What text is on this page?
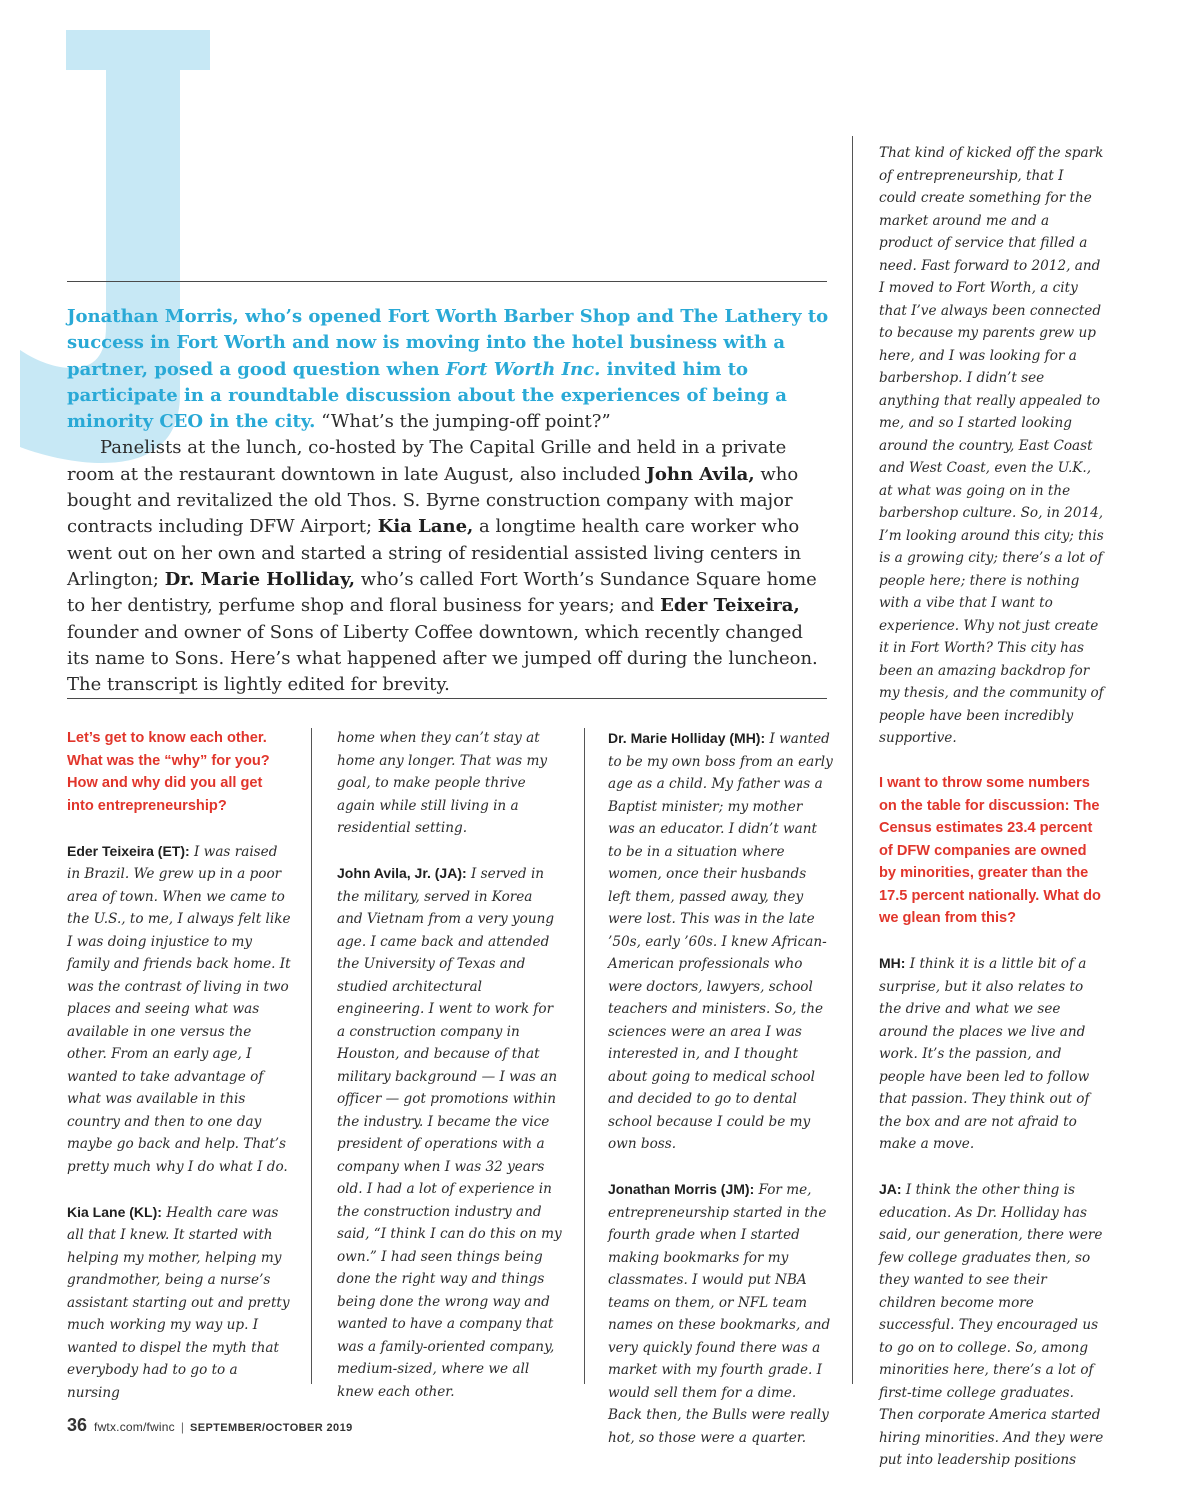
Jonathan Morris, who’s opened Fort Worth Barber Shop and The Lathery to success in Fort Worth and now is moving into the hotel business with a partner, posed a good question when Fort Worth Inc. invited him to participate in a roundtable discussion about the experiences of being a minority CEO in the city. “What’s the jumping-off point?”

Panelists at the lunch, co-hosted by The Capital Grille and held in a private room at the restaurant downtown in late August, also included John Avila, who bought and revitalized the old Thos. S. Byrne construction company with major contracts including DFW Airport; Kia Lane, a longtime health care worker who went out on her own and started a string of residential assisted living centers in Arlington; Dr. Marie Holliday, who’s called Fort Worth’s Sundance Square home to her dentistry, perfume shop and floral business for years; and Eder Teixeira, founder and owner of Sons of Liberty Coffee downtown, which recently changed its name to Sons. Here’s what happened after we jumped off during the luncheon. The transcript is lightly edited for brevity.

Let’s get to know each other. What was the “why” for you? How and why did you all get into entrepreneurship?

Eder Teixeira (ET): I was raised in Brazil. We grew up in a poor area of town. When we came to the U.S., to me, I always felt like I was doing injustice to my family and friends back home. It was the contrast of living in two places and seeing what was available in one versus the other. From an early age, I wanted to take advantage of what was available in this country and then to one day maybe go back and help. That’s pretty much why I do what I do.

Kia Lane (KL): Health care was all that I knew. It started with helping my mother, helping my grandmother, being a nurse’s assistant starting out and pretty much working my way up. I wanted to dispel the myth that everybody had to go to a nursing

home when they can’t stay at home any longer. That was my goal, to make people thrive again while still living in a residential setting.

John Avila, Jr. (JA): I served in the military, served in Korea and Vietnam from a very young age. I came back and attended the University of Texas and studied architectural engineering. I went to work for a construction company in Houston, and because of that military background — I was an officer — got promotions within the industry. I became the vice president of operations with a company when I was 32 years old. I had a lot of experience in the construction industry and said, “I think I can do this on my own.” I had seen things being done the right way and things being done the wrong way and wanted to have a company that was a family-oriented company, medium-sized, where we all knew each other.

Dr. Marie Holliday (MH): I wanted to be my own boss from an early age as a child. My father was a Baptist minister; my mother was an educator. I didn’t want to be in a situation where women, once their husbands left them, passed away, they were lost. This was in the late ’50s, early ’60s. I knew African-American professionals who were doctors, lawyers, school teachers and ministers. So, the sciences were an area I was interested in, and I thought about going to medical school and decided to go to dental school because I could be my own boss.

Jonathan Morris (JM): For me, entrepreneurship started in the fourth grade when I started making bookmarks for my classmates. I would put NBA teams on them, or NFL team names on these bookmarks, and very quickly found there was a market with my fourth grade. I would sell them for a dime. Back then, the Bulls were really hot, so those were a quarter.

That kind of kicked off the spark of entrepreneurship, that I could create something for the market around me and a product of service that filled a need. Fast forward to 2012, and I moved to Fort Worth, a city that I’ve always been connected to because my parents grew up here, and I was looking for a barbershop. I didn’t see anything that really appealed to me, and so I started looking around the country, East Coast and West Coast, even the U.K., at what was going on in the barbershop culture. So, in 2014, I’m looking around this city; this is a growing city; there’s a lot of people here; there is nothing with a vibe that I want to experience. Why not just create it in Fort Worth? This city has been an amazing backdrop for my thesis, and the community of people have been incredibly supportive.

I want to throw some numbers on the table for discussion: The Census estimates 23.4 percent of DFW companies are owned by minorities, greater than the 17.5 percent nationally. What do we glean from this?

MH: I think it is a little bit of a surprise, but it also relates to the drive and what we see around the places we live and work. It’s the passion, and people have been led to follow that passion. They think out of the box and are not afraid to make a move.

JA: I think the other thing is education. As Dr. Holliday has said, our generation, there were few college graduates then, so they wanted to see their children become more successful. They encouraged us to go on to college. So, among minorities here, there’s a lot of first-time college graduates. Then corporate America started hiring minorities. And they were put into leadership positions

36 fwtx.com/fwinc | SEPTEMBER/OCTOBER 2019
